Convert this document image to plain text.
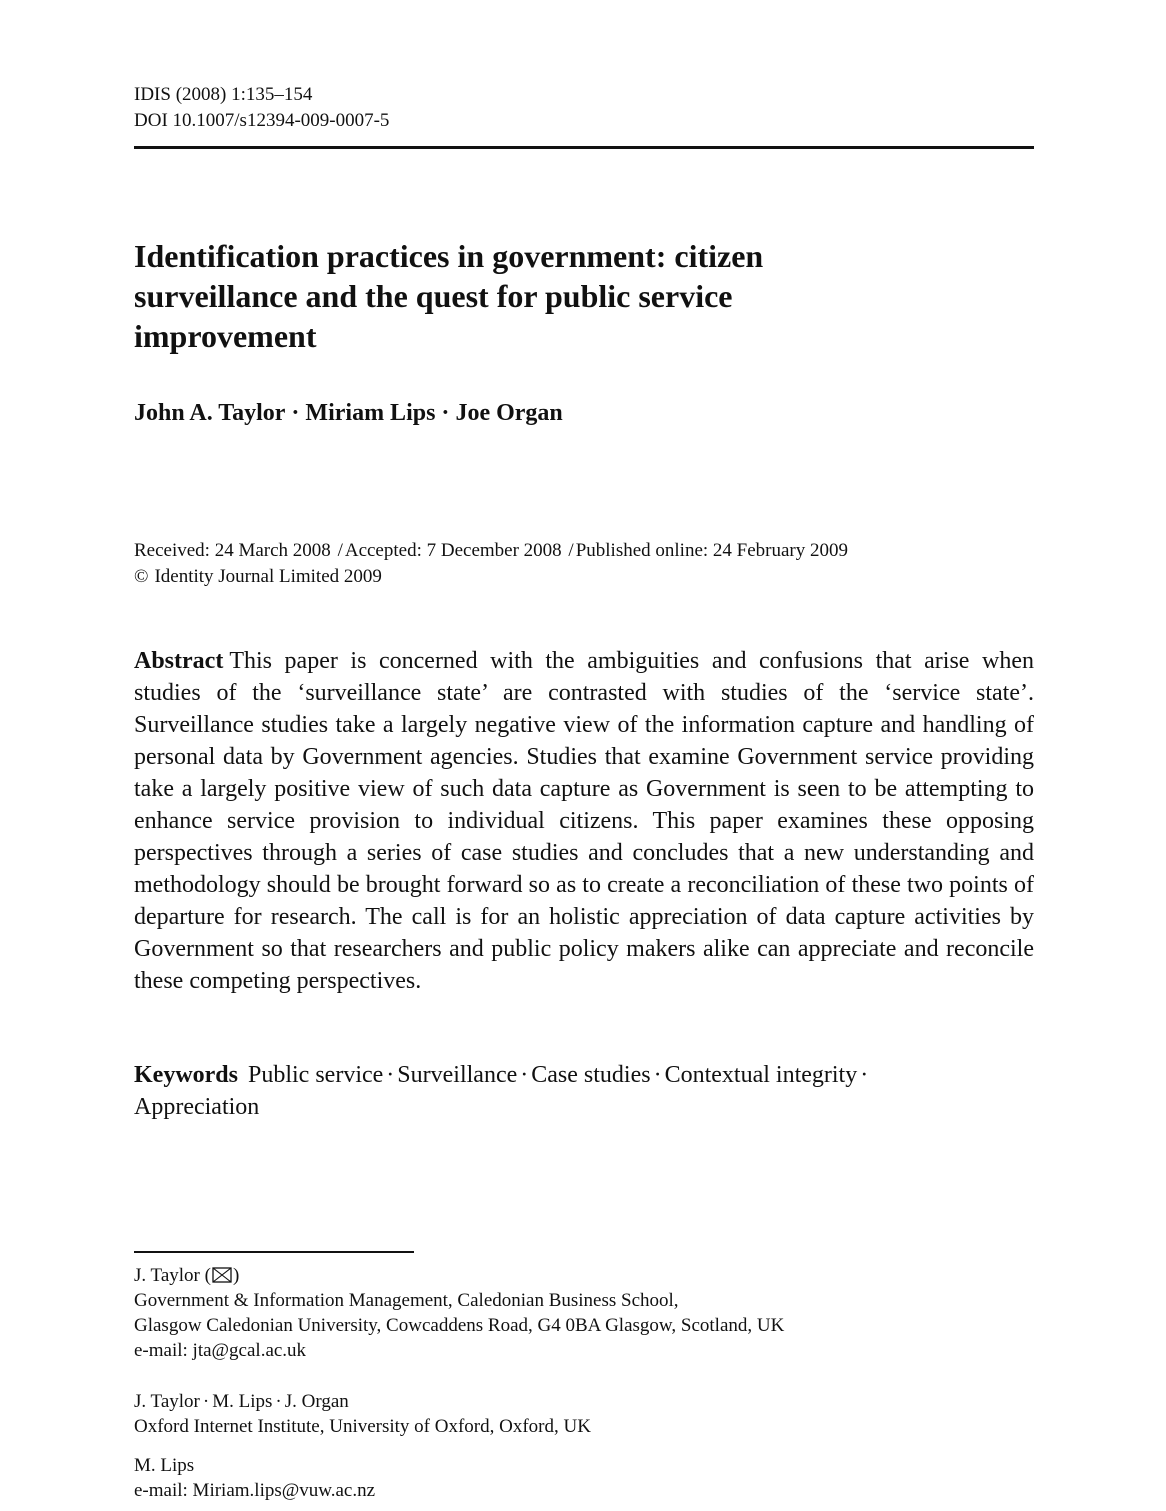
IDIS (2008) 1:135–154
DOI 10.1007/s12394-009-0007-5
Identification practices in government: citizen surveillance and the quest for public service improvement
John A. Taylor · Miriam Lips · Joe Organ
Received: 24 March 2008 / Accepted: 7 December 2008 / Published online: 24 February 2009
© Identity Journal Limited 2009

Abstract This paper is concerned with the ambiguities and confusions that arise when studies of the ‘surveillance state’ are contrasted with studies of the ‘service state’. Surveillance studies take a largely negative view of the information capture and handling of personal data by Government agencies. Studies that examine Government service providing take a largely positive view of such data capture as Government is seen to be attempting to enhance service provision to individual citizens. This paper examines these opposing perspectives through a series of case studies and concludes that a new understanding and methodology should be brought forward so as to create a reconciliation of these two points of departure for research. The call is for an holistic appreciation of data capture activities by Government so that researchers and public policy makers alike can appreciate and reconcile these competing perspectives.

Keywords Public service · Surveillance · Case studies · Contextual integrity ·
Appreciation
J. Taylor ( )
Government & Information Management, Caledonian Business School,
Glasgow Caledonian University, Cowcaddens Road, G4 0BA Glasgow, Scotland, UK
e-mail: jta@gcal.ac.uk
J. Taylor · M. Lips · J. Organ
Oxford Internet Institute, University of Oxford, Oxford, UK
M. Lips
e-mail: Miriam.lips@vuw.ac.nz
